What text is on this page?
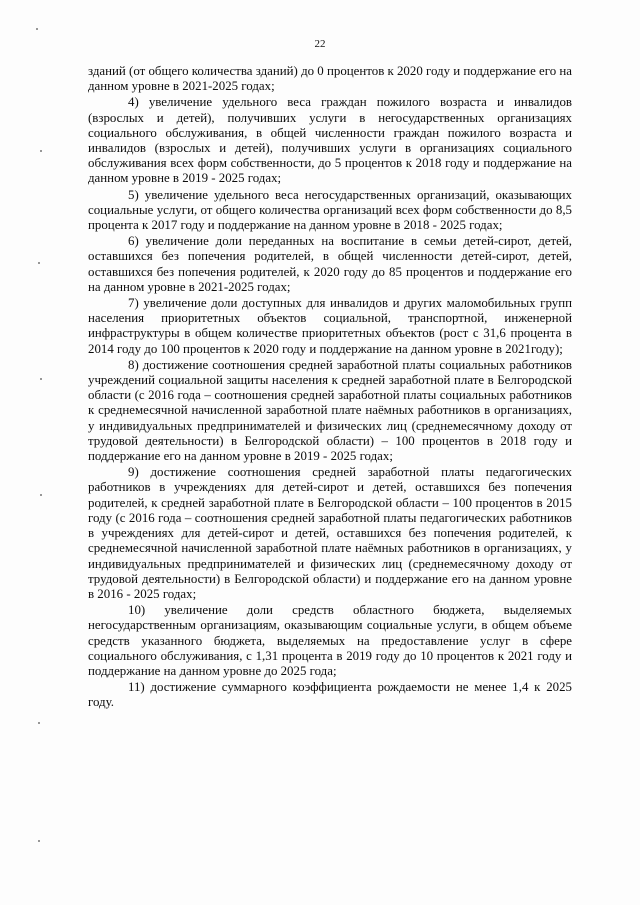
22

зданий (от общего количества зданий) до 0 процентов к 2020 году и поддержание его на данном уровне в 2021-2025 годах;

4) увеличение удельного веса граждан пожилого возраста и инвалидов (взрослых и детей), получивших услуги в негосударственных организациях социального обслуживания, в общей численности граждан пожилого возраста и инвалидов (взрослых и детей), получивших услуги в организациях социального обслуживания всех форм собственности, до 5 процентов к 2018 году и поддержание на данном уровне в 2019 - 2025 годах;

5) увеличение удельного веса негосударственных организаций, оказывающих социальные услуги, от общего количества организаций всех форм собственности до 8,5 процента к 2017 году и поддержание на данном уровне в 2018 - 2025 годах;

6) увеличение доли переданных на воспитание в семьи детей-сирот, детей, оставшихся без попечения родителей, в общей численности детей-сирот, детей, оставшихся без попечения родителей, к 2020 году до 85 процентов и поддержание его на данном уровне в 2021-2025 годах;

7) увеличение доли доступных для инвалидов и других маломобильных групп населения приоритетных объектов социальной, транспортной, инженерной инфраструктуры в общем количестве приоритетных объектов (рост с 31,6 процента в 2014 году до 100 процентов к 2020 году и поддержание на данном уровне в 2021году);

8) достижение соотношения средней заработной платы социальных работников учреждений социальной защиты населения к средней заработной плате в Белгородской области (с 2016 года – соотношения средней заработной платы социальных работников к среднемесячной начисленной заработной плате наёмных работников в организациях, у индивидуальных предпринимателей и физических лиц (среднемесячному доходу от трудовой деятельности) в Белгородской области) – 100 процентов в 2018 году и поддержание его на данном уровне в 2019 - 2025 годах;

9) достижение соотношения средней заработной платы педагогических работников в учреждениях для детей-сирот и детей, оставшихся без попечения родителей, к средней заработной плате в Белгородской области – 100 процентов в 2015 году (с 2016 года – соотношения средней заработной платы педагогических работников в учреждениях для детей-сирот и детей, оставшихся без попечения родителей, к среднемесячной начисленной заработной плате наёмных работников в организациях, у индивидуальных предпринимателей и физических лиц (среднемесячному доходу от трудовой деятельности) в Белгородской области) и поддержание его на данном уровне в 2016 - 2025 годах;

10) увеличение доли средств областного бюджета, выделяемых негосударственным организациям, оказывающим социальные услуги, в общем объеме средств указанного бюджета, выделяемых на предоставление услуг в сфере социального обслуживания, с 1,31 процента в 2019 году до 10 процентов к 2021 году и поддержание на данном уровне до 2025 года;

11) достижение суммарного коэффициента рождаемости не менее 1,4 к 2025 году.
